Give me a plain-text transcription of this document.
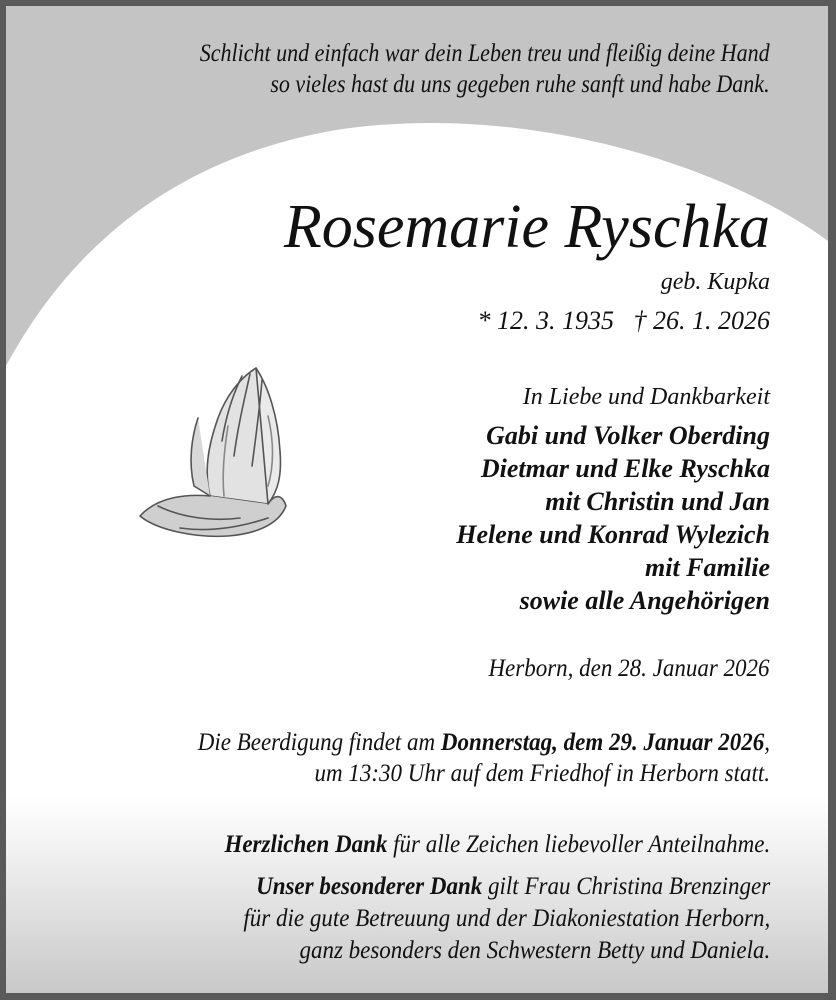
Schlicht und einfach war dein Leben treu und fleißig deine Hand
so vieles hast du uns gegeben ruhe sanft und habe Dank.
Rosemarie Ryschka
geb. Kupka
* 12. 3. 1935 † 26. 1. 2026
In Liebe und Dankbarkeit
Gabi und Volker Oberding
Dietmar und Elke Ryschka
mit Christin und Jan
Helene und Konrad Wylezich
mit Familie
sowie alle Angehörigen
Herborn, den 28. Januar 2026
Die Beerdigung findet am Donnerstag, dem 29. Januar 2026,
um 13:30 Uhr auf dem Friedhof in Herborn statt.
Herzlichen Dank für alle Zeichen liebevoller Anteilnahme.
Unser besonderer Dank gilt Frau Christina Brenzinger
für die gute Betreuung und der Diakoniestation Herborn,
ganz besonders den Schwestern Betty und Daniela.
